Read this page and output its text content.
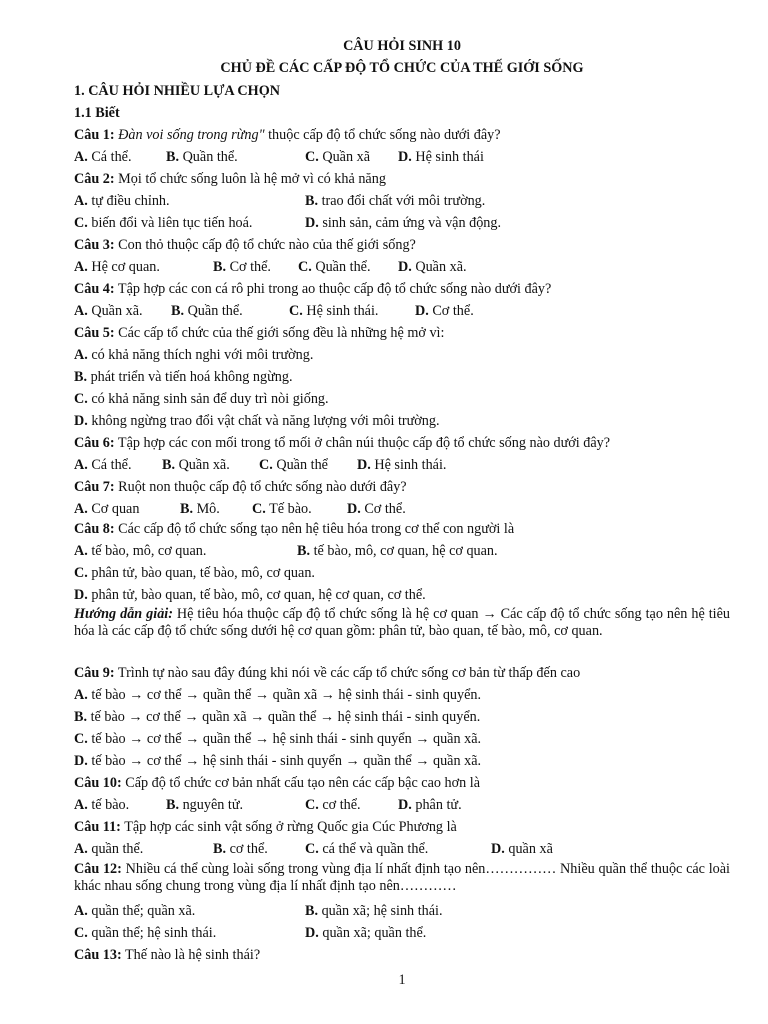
CÂU HỎI SINH 10
CHỦ ĐỀ CÁC CẤP ĐỘ TỔ CHỨC CỦA THẾ GIỚI SỐNG
1. CÂU HỎI NHIỀU LỰA CHỌN
1.1 Biết
Câu 1: Đàn voi sống trong rừng" thuộc cấp độ tổ chức sống nào dưới đây?
A. Cá thể. B. Quần thể.	C. Quần xã D. Hệ sinh thái
Câu 2: Mọi tổ chức sống luôn là hệ mở vì có khả năng
A. tự điều chỉnh.	B. trao đổi chất với môi trường.
C. biến đổi và liên tục tiến hoá.	D. sinh sản, cảm ứng và vận động.
Câu 3: Con thỏ thuộc cấp độ tổ chức nào của thế giới sống?
A. Hệ cơ quan.	B. Cơ thể. C. Quần thể. D. Quần xã.
Câu 4: Tập hợp các con cá rô phi trong ao thuộc cấp độ tổ chức sống nào dưới đây?
A. Quần xã. B. Quần thể.	C. Hệ sinh thái.	D. Cơ thể.
Câu 5: Các cấp tổ chức của thế giới sống đều là những hệ mở vì:
A. có khả năng thích nghi với môi trường.
B. phát triển và tiến hoá không ngừng.
C. có khả năng sinh sản để duy trì nòi giống.
D. không ngừng trao đổi vật chất và năng lượng với môi trường.
Câu 6: Tập hợp các con mối trong tổ mối ở chân núi thuộc cấp độ tổ chức sống nào dưới đây?
A. Cá thể. B. Quần xã. C. Quần thể D. Hệ sinh thái.
Câu 7: Ruột non thuộc cấp độ tổ chức sống nào dưới đây?
A. Cơ quan	B. Mô. C. Tế bào. D. Cơ thể.
Câu 8: Các cấp độ tổ chức sống tạo nên hệ tiêu hóa trong cơ thể con người là
A. tế bào, mô, cơ quan.	B. tế bào, mô, cơ quan, hệ cơ quan.
C. phân tử, bào quan, tế bào, mô, cơ quan.
D. phân tử, bào quan, tế bào, mô, cơ quan, hệ cơ quan, cơ thể.
Hướng dẫn giải: Hệ tiêu hóa thuộc cấp độ tổ chức sống là hệ cơ quan → Các cấp độ tổ chức sống tạo nên hệ tiêu hóa là các cấp độ tổ chức sống dưới hệ cơ quan gồm: phân tử, bào quan, tế bào, mô, cơ quan.
Câu 9: Trình tự nào sau đây đúng khi nói về các cấp tổ chức sống cơ bản từ thấp đến cao
A. tế bào → cơ thể → quần thể → quần xã → hệ sinh thái - sinh quyển.
B. tế bào → cơ thể → quần xã → quần thể → hệ sinh thái - sinh quyển.
C. tế bào → cơ thể → quần thể → hệ sinh thái - sinh quyển → quần xã.
D. tế bào → cơ thể → hệ sinh thái - sinh quyển → quần thể → quần xã.
Câu 10: Cấp độ tổ chức cơ bản nhất cấu tạo nên các cấp bậc cao hơn là
A. tế bào.	B. nguyên tử.	C. cơ thể.	D. phân tử.
Câu 11: Tập hợp các sinh vật sống ở rừng Quốc gia Cúc Phương là
A. quần thể.	B. cơ thể.	C. cá thể và quần thể.	D. quần xã
Câu 12: Nhiều cá thể cùng loài sống trong vùng địa lí nhất định tạo nên…………… Nhiều quần thể thuộc các loài khác nhau sống chung trong vùng địa lí nhất định tạo nên…………
A. quần thể; quần xã.	B. quần xã; hệ sinh thái.
C. quần thể; hệ sinh thái.	D. quần xã; quần thể.
Câu 13: Thế nào là hệ sinh thái?
1
